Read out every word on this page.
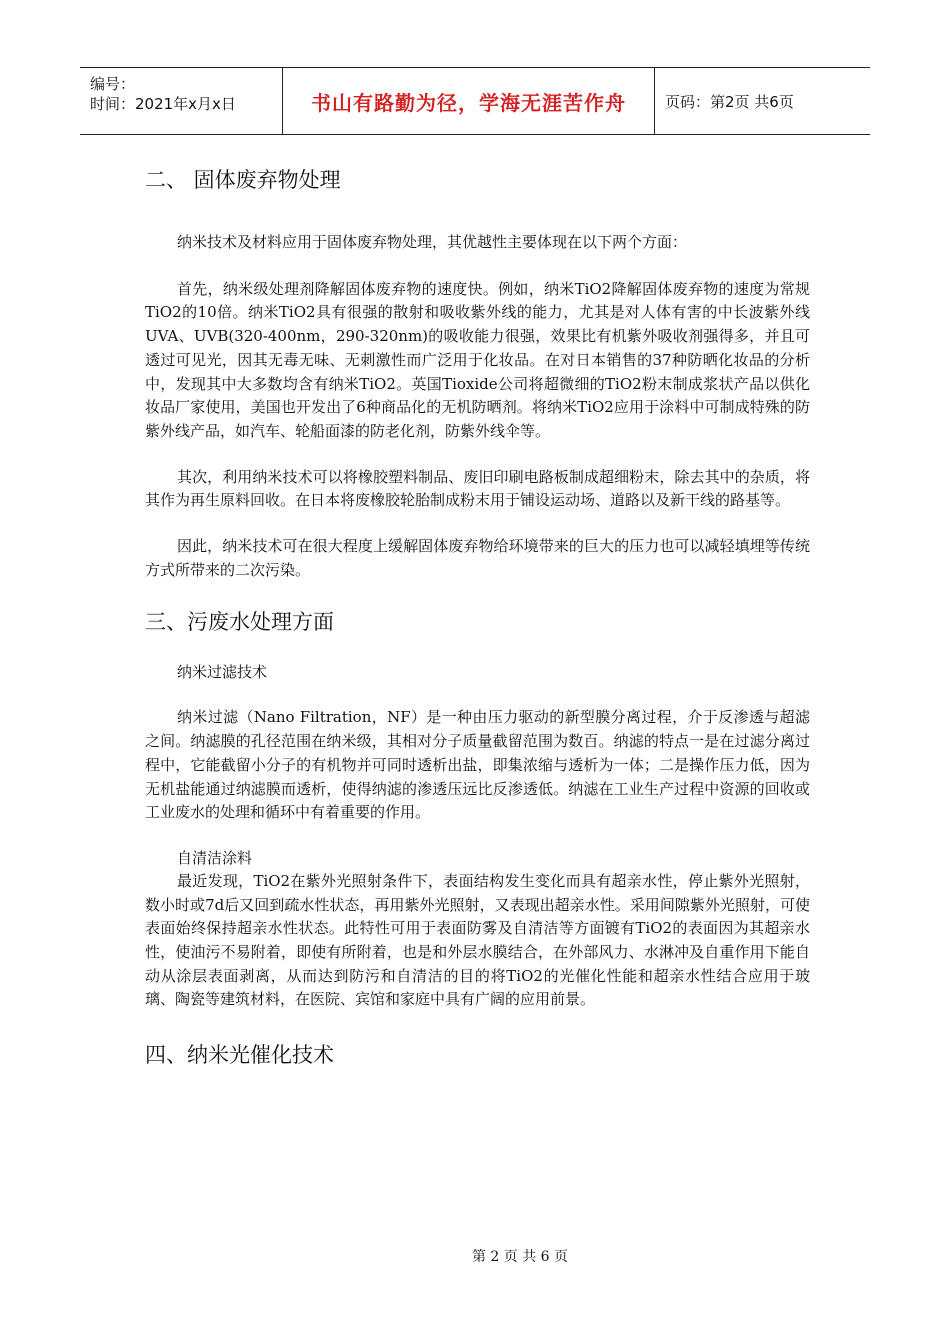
编号：
时间：2021年x月x日	书山有路勤为径，学海无涯苦作舟	页码：第2页 共6页
二、 固体废弃物处理

纳米技术及材料应用于固体废弃物处理，其优越性主要体现在以下两个方面：

首先，纳米级处理剂降解固体废弃物的速度快。例如，纳米TiO2降解固体废弃物的速度为常规TiO2的10倍。纳米TiO2具有很强的散射和吸收紫外线的能力，尤其是对人体有害的中长波紫外线UVA、UVB(320-400nm，290-320nm)的吸收能力很强，效果比有机紫外吸收剂强得多，并且可透过可见光，因其无毒无味、无刺激性而广泛用于化妆品。在对日本销售的37种防晒化妆品的分析中，发现其中大多数均含有纳米TiO2。英国Tioxide公司将超微细的TiO2粉末制成浆状产品以供化妆品厂家使用，美国也开发出了6种商品化的无机防晒剂。将纳米TiO2应用于涂料中可制成特殊的防紫外线产品，如汽车、轮船面漆的防老化剂，防紫外线伞等。

其次，利用纳米技术可以将橡胶塑料制品、废旧印刷电路板制成超细粉末，除去其中的杂质，将其作为再生原料回收。在日本将废橡胶轮胎制成粉末用于铺设运动场、道路以及新干线的路基等。

因此，纳米技术可在很大程度上缓解固体废弃物给环境带来的巨大的压力也可以减轻填埋等传统方式所带来的二次污染。

三、污废水处理方面

纳米过滤技术

纳米过滤（Nano Filtration，NF）是一种由压力驱动的新型膜分离过程，介于反渗透与超滤之间。纳滤膜的孔径范围在纳米级，其相对分子质量截留范围为数百。纳滤的特点一是在过滤分离过程中，它能截留小分子的有机物并可同时透析出盐，即集浓缩与透析为一体；二是操作压力低，因为无机盐能通过纳滤膜而透析，使得纳滤的渗透压远比反渗透低。纳滤在工业生产过程中资源的回收或工业废水的处理和循环中有着重要的作用。

自清洁涂料

最近发现，TiO2在紫外光照射条件下，表面结构发生变化而具有超亲水性，停止紫外光照射，数小时或7d后又回到疏水性状态，再用紫外光照射，又表现出超亲水性。采用间隙紫外光照射，可使表面始终保持超亲水性状态。此特性可用于表面防雾及自清洁等方面镀有TiO2的表面因为其超亲水性，使油污不易附着，即使有所附着，也是和外层水膜结合，在外部风力、水淋冲及自重作用下能自动从涂层表面剥离，从而达到防污和自清洁的目的将TiO2的光催化性能和超亲水性结合应用于玻璃、陶瓷等建筑材料，在医院、宾馆和家庭中具有广阔的应用前景。

四、纳米光催化技术
第 2 页 共 6 页
